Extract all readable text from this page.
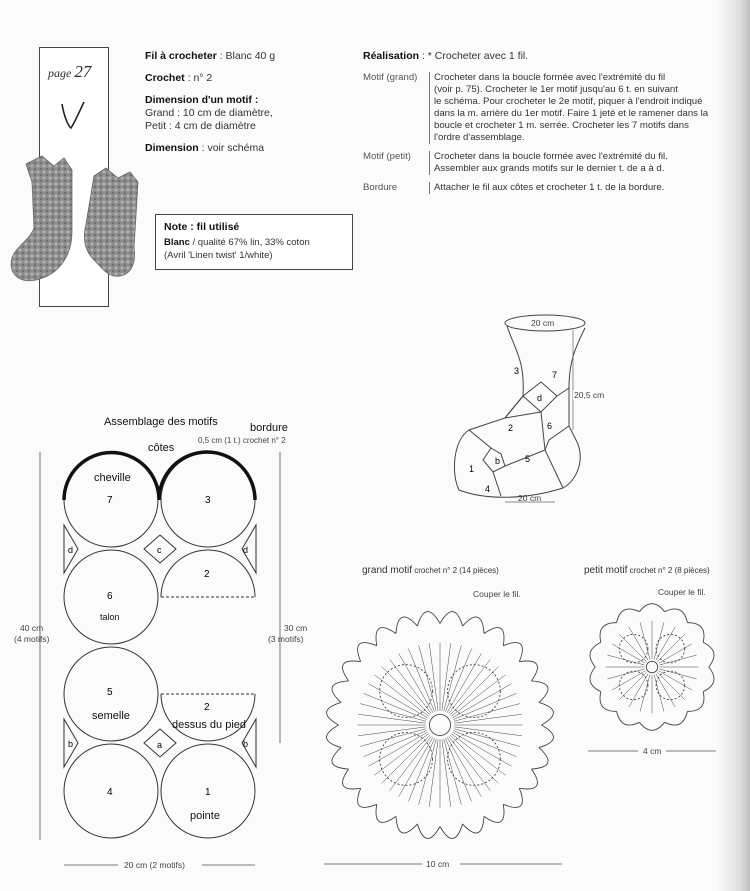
page 27
Fil à crocheter : Blanc 40 g
Crochet : n° 2
Dimension d'un motif :
Grand : 10 cm de diamètre,
Petit : 4 cm de diamètre
Dimension : voir schéma
Note : fil utilisé
Blanc / qualité 67% lin, 33% coton
(Avril 'Linen twist' 1/white)
Réalisation : * Crocheter avec 1 fil.
Motif (grand)	Crocheter dans la boucle formée avec l'extrémité du fil
(voir p. 75). Crocheter le 1er motif jusqu'au 6 t. en suivant
le schéma. Pour crocheter le 2e motif, piquer à l'endroit indiqué
dans la m. arrière du 1er motif. Faire 1 jeté et le ramener dans la
boucle et crocheter 1 m. serrée. Crocheter les 7 motifs dans
l'ordre d'assemblage.
Motif (petit)	Crocheter dans la boucle formée avec l'extrémité du fil.
Assembler aux grands motifs sur le dernier t. de a à d.
Bordure	Attacher le fil aux côtes et crocheter 1 t. de la bordure.
Assemblage des motifs	bordure
0,5 cm (1 t.) crochet n° 2
côtes
cheville
7	3
c
d	d
6
2
talon
5
2
semelle
dessus du pied
a
b	b
4	1
pointe
40 cm
(4 motifs)
30 cm
(3 motifs)
20 cm (2 motifs)
20 cm
20,5 cm
20 cm
3	7
d
2	6
1
b	5
4
grand motif crochet n° 2 (14 pièces)
Couper le fil.
10 cm
petit motif crochet n° 2 (8 pièces)
Couper le fil.
4 cm
